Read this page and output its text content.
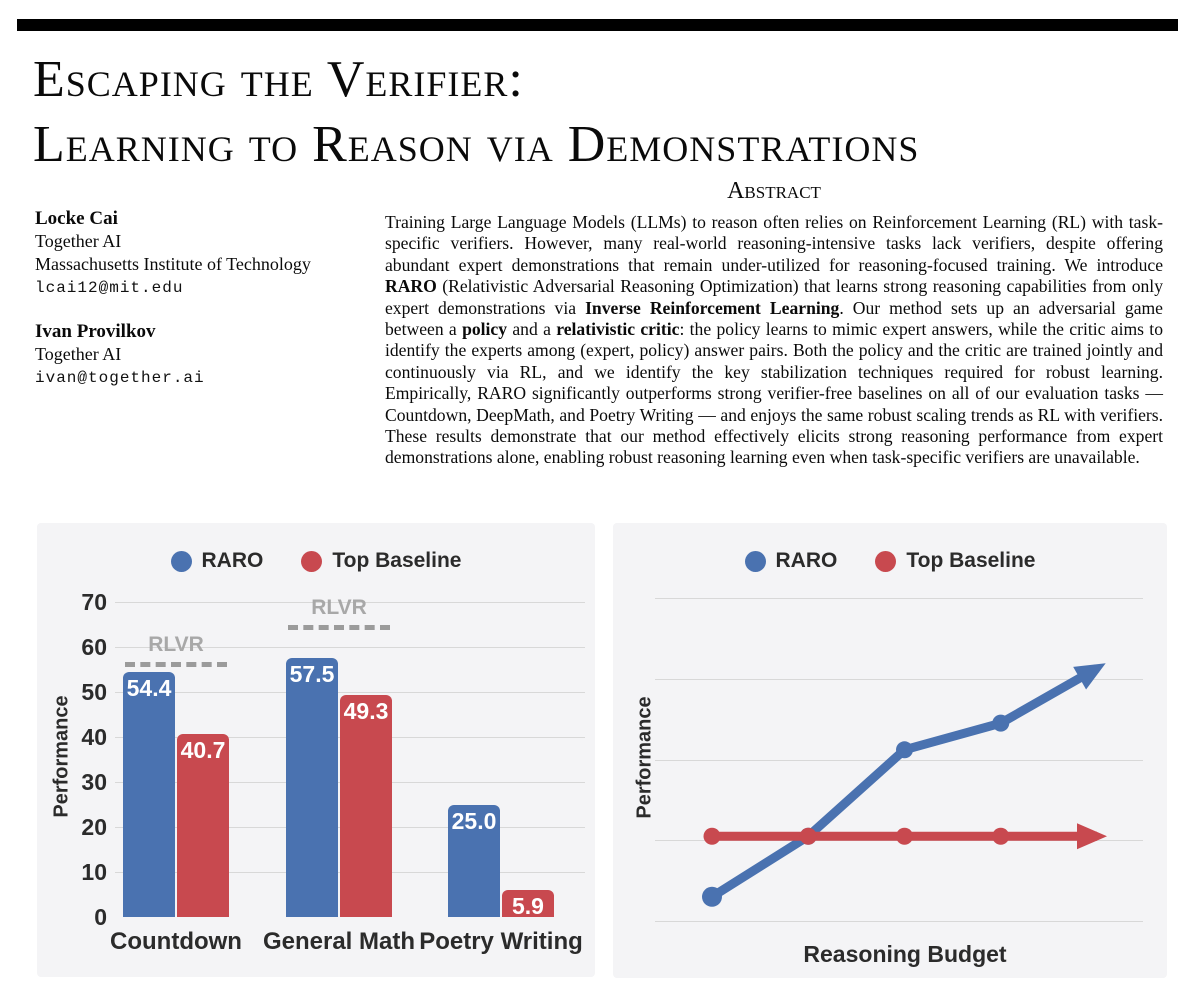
Escaping the Verifier:
Learning to Reason via Demonstrations
Locke Cai
Together AI
Massachusetts Institute of Technology
lcai12@mit.edu
Ivan Provilkov
Together AI
ivan@together.ai
Abstract

Training Large Language Models (LLMs) to reason often relies on Reinforcement Learning (RL) with task-specific verifiers. However, many real-world reasoning-intensive tasks lack verifiers, despite offering abundant expert demonstrations that remain under-utilized for reasoning-focused training. We introduce RARO (Relativistic Adversarial Reasoning Optimization) that learns strong reasoning capabilities from only expert demonstrations via Inverse Reinforcement Learning. Our method sets up an adversarial game between a policy and a relativistic critic: the policy learns to mimic expert answers, while the critic aims to identify the experts among (expert, policy) answer pairs. Both the policy and the critic are trained jointly and continuously via RL, and we identify the key stabilization techniques required for robust learning. Empirically, RARO significantly outperforms strong verifier-free baselines on all of our evaluation tasks — Countdown, DeepMath, and Poetry Writing — and enjoys the same robust scaling trends as RL with verifiers. These results demonstrate that our method effectively elicits strong reasoning performance from expert demonstrations alone, enabling robust reasoning learning even when task-specific verifiers are unavailable.

RARO	Top Baseline
0
10
20
30
40
50
60
70
Performance
54.4
40.7
Countdown
57.5
49.3
General Math
25.0
5.9
Poetry Writing
RLVR
RLVR
RARO	Top Baseline
Performance
Reasoning Budget
